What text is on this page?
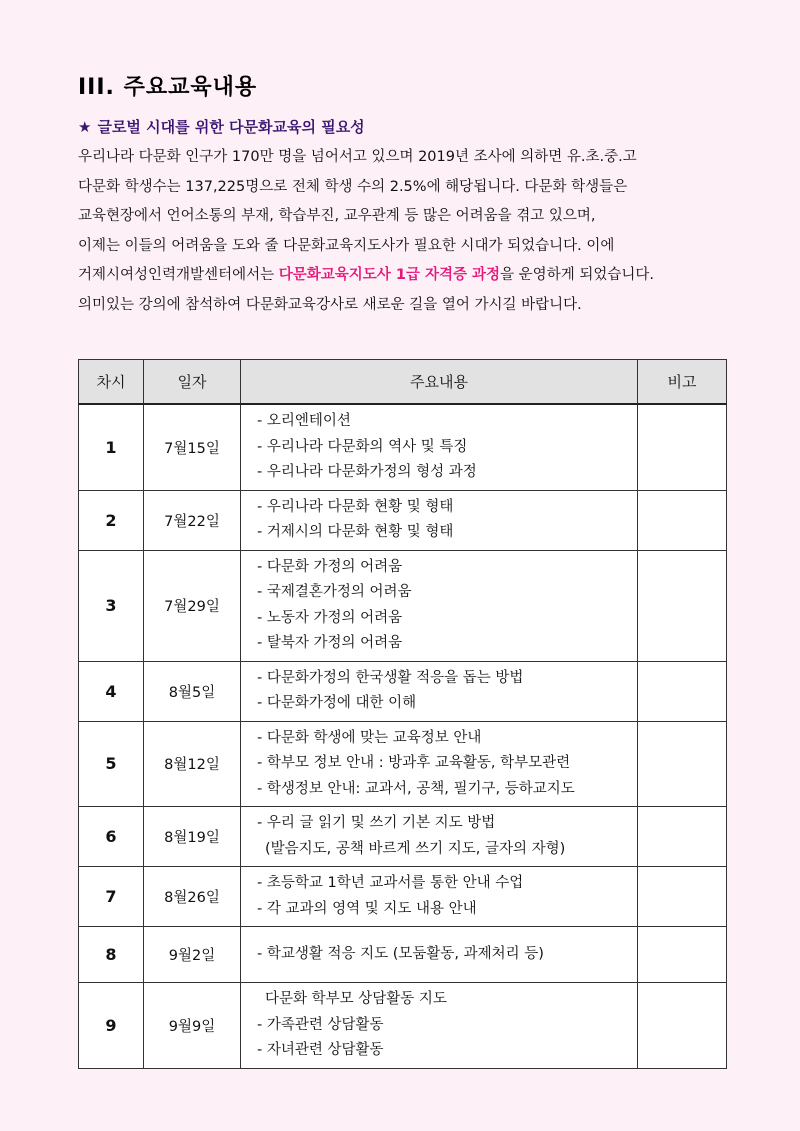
III. 주요교육내용
★ 글로벌 시대를 위한 다문화교육의 필요성
우리나라 다문화 인구가 170만 명을 넘어서고 있으며 2019년 조사에 의하면 유.초.중.고
다문화 학생수는 137,225명으로 전체 학생 수의 2.5%에 해당됩니다. 다문화 학생들은
교육현장에서 언어소통의 부재, 학습부진, 교우관계 등 많은 어려움을 겪고 있으며,
이제는 이들의 어려움을 도와 줄 다문화교육지도사가 필요한 시대가 되었습니다. 이에
거제시여성인력개발센터에서는 다문화교육지도사 1급 자격증 과정을 운영하게 되었습니다.
의미있는 강의에 참석하여 다문화교육강사로 새로운 길을 열어 가시길 바랍니다.
차시	일자	주요내용	비고
1	7월15일	- 오리엔테이션
- 우리나라 다문화의 역사 및 특징
- 우리나라 다문화가정의 형성 과정	

2	7월22일	- 우리나라 다문화 현황 및 형태
- 거제시의 다문화 현황 및 형태	

3	7월29일	- 다문화 가정의 어려움
- 국제결혼가정의 어려움
- 노동자 가정의 어려움
- 탈북자 가정의 어려움	

4	8월5일	- 다문화가정의 한국생활 적응을 돕는 방법
- 다문화가정에 대한 이해	

5	8월12일	- 다문화 학생에 맞는 교육정보 안내
- 학부모 정보 안내 : 방과후 교육활동, 학부모관련
- 학생정보 안내: 교과서, 공책, 필기구, 등하교지도	

6	8월19일	- 우리 글 읽기 및 쓰기 기본 지도 방법
(발음지도, 공책 바르게 쓰기 지도, 글자의 자형)	

7	8월26일	- 초등학교 1학년 교과서를 통한 안내 수업
- 각 교과의 영역 및 지도 내용 안내	

8	9월2일	- 학교생활 적응 지도 (모둠활동, 과제처리 등)	

9	9월9일	다문화 학부모 상담활동 지도
- 가족관련 상담활동
- 자녀관련 상담활동	
